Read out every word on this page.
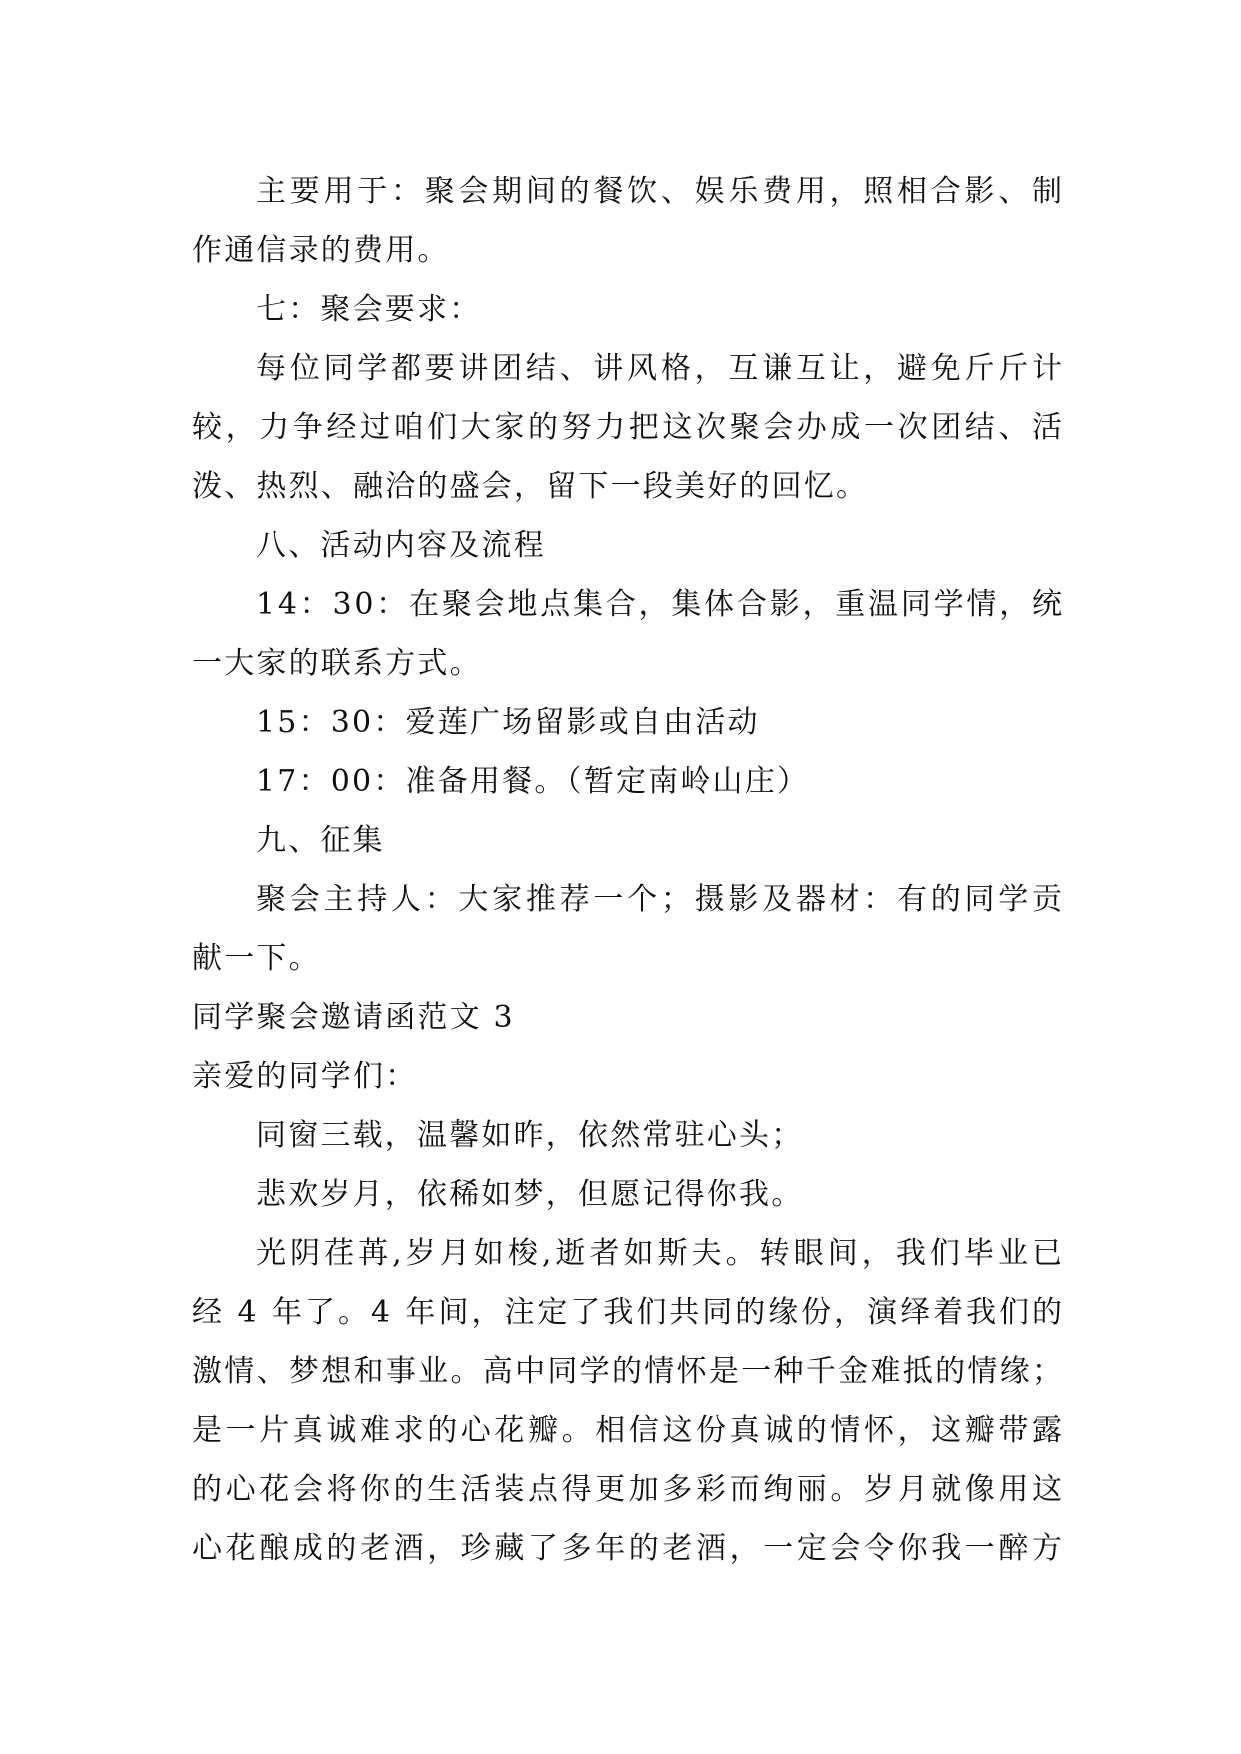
主要用于：聚会期间的餐饮、娱乐费用，照相合影、制
作通信录的费用。
七：聚会要求：
每位同学都要讲团结、讲风格，互谦互让，避免斤斤计
较，力争经过咱们大家的努力把这次聚会办成一次团结、活
泼、热烈、融洽的盛会，留下一段美好的回忆。
八、活动内容及流程
14：30：在聚会地点集合，集体合影，重温同学情，统
一大家的联系方式。
15：30：爱莲广场留影或自由活动
17：00：准备用餐。（暂定南岭山庄）
九、征集
聚会主持人：大家推荐一个；摄影及器材：有的同学贡
献一下。
同学聚会邀请函范文 3
亲爱的同学们：
同窗三载，温馨如昨，依然常驻心头；
悲欢岁月，依稀如梦，但愿记得你我。
光阴荏苒,岁月如梭,逝者如斯夫。转眼间，我们毕业已
经 4 年了。4 年间，注定了我们共同的缘份，演绎着我们的
激情、梦想和事业。高中同学的情怀是一种千金难抵的情缘；
是一片真诚难求的心花瓣。相信这份真诚的情怀，这瓣带露
的心花会将你的生活装点得更加多彩而绚丽。岁月就像用这
心花酿成的老酒，珍藏了多年的老酒，一定会令你我一醉方
